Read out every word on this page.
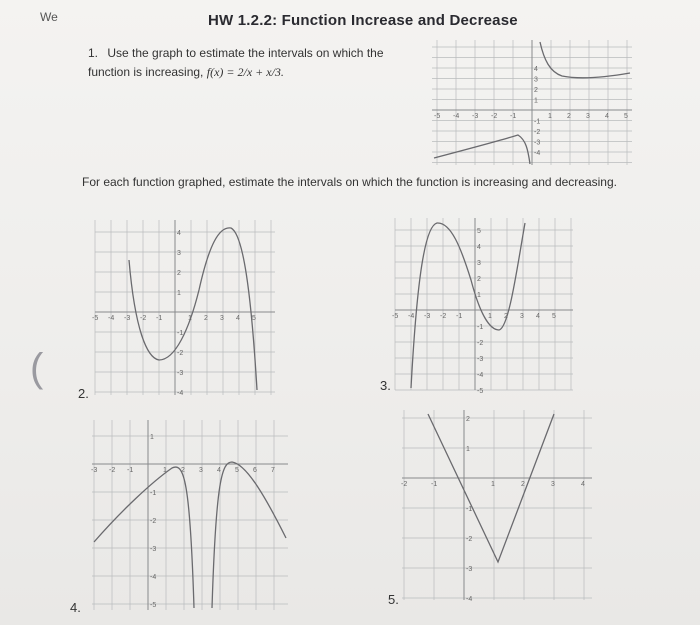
We	HW 1.2.2: Function Increase and Decrease
1. Use the graph to estimate the intervals on which the function is increasing, f(x) = 2/x + x/3.
For each function graphed, estimate the intervals on which the function is increasing and decreasing.
2.
3.
4.
5.
(
-5 -4 -3 -2 -1	1 2 3 4 5
4
3
2
1
-1
-2
-3
-4
-5 -4 -3 -2 -1	1 2 3 4 5
4
3
2
1
-1
-2
-3
-4
-5 -4 -3 -2 -1	1 2 3 4 5
5
4
3
2
1
-1
-2
-3
-4
-5
-3 -2 -1	1 2 3 4 5 6 7
1
-1
-2
-3
-4
-5
-2	-1	1	2	3	4
2
1
-1
-2
-3
-4
